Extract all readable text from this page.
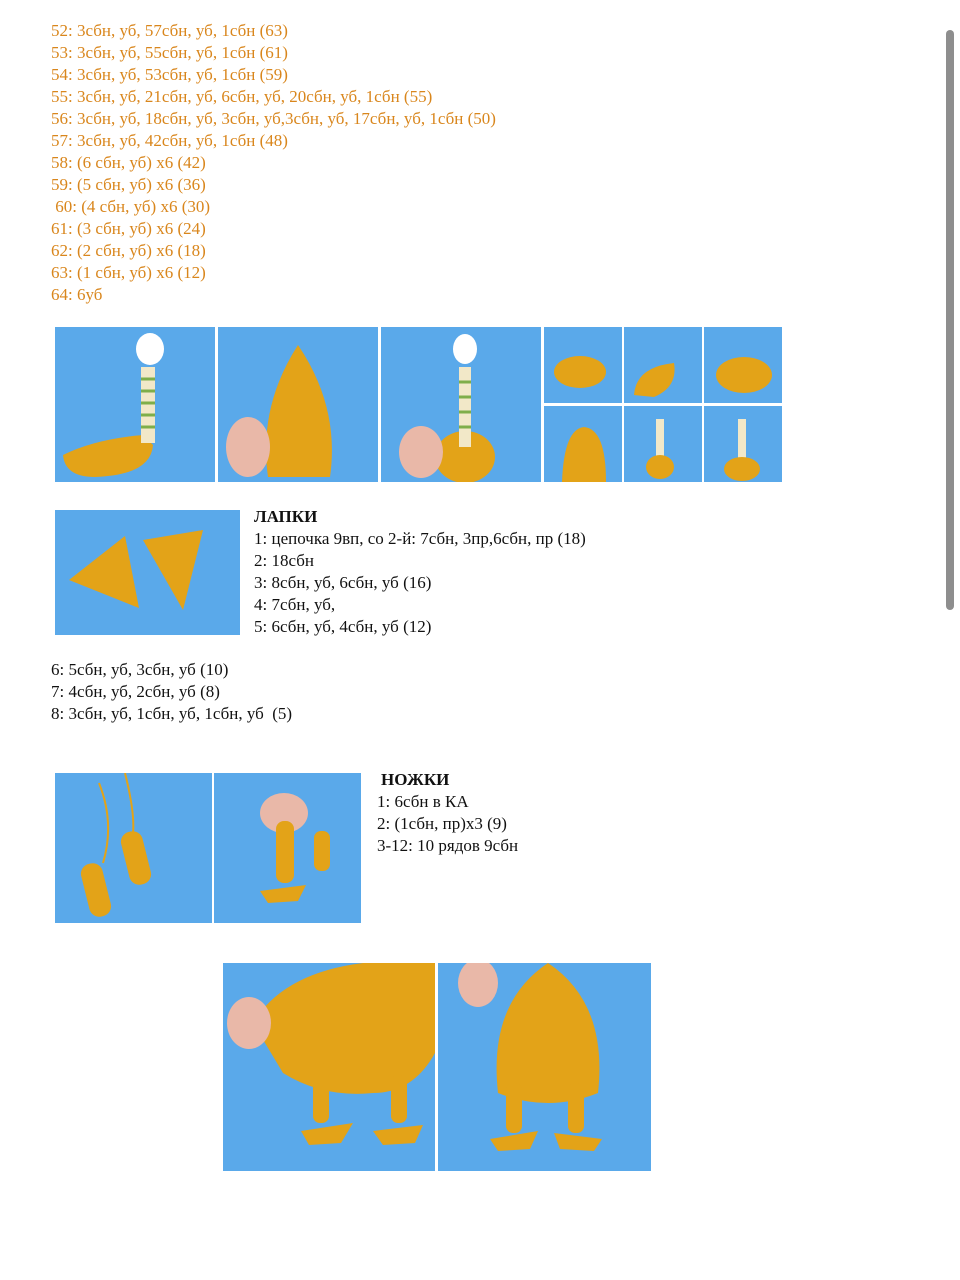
52: 3сбн, уб, 57сбн, уб, 1сбн (63)
53: 3сбн, уб, 55сбн, уб, 1сбн (61)
54: 3сбн, уб, 53сбн, уб, 1сбн (59)
55: 3сбн, уб, 21сбн, уб, 6сбн, уб, 20сбн, уб, 1сбн (55)
56: 3сбн, уб, 18сбн, уб, 3сбн, уб,3сбн, уб, 17сбн, уб, 1сбн (50)
57: 3сбн, уб, 42сбн, уб, 1сбн (48)
58: (6 сбн, уб) х6 (42)
59: (5 сбн, уб) х6 (36)
60: (4 сбн, уб) х6 (30)
61: (3 сбн, уб) х6 (24)
62: (2 сбн, уб) х6 (18)
63: (1 сбн, уб) х6 (12)
64: 6уб
ЛАПКИ
1: цепочка 9вп, со 2-й: 7сбн, 3пр,6сбн, пр (18)
2: 18сбн
3: 8сбн, уб, 6сбн, уб (16)
4: 7сбн, уб,
5: 6сбн, уб, 4сбн, уб (12)
6: 5сбн, уб, 3сбн, уб (10)
7: 4сбн, уб, 2сбн, уб (8)
8: 3сбн, уб, 1сбн, уб, 1сбн, уб  (5)
НОЖКИ
1: 6сбн в КА
2: (1сбн, пр)х3 (9)
3-12: 10 рядов 9сбн
